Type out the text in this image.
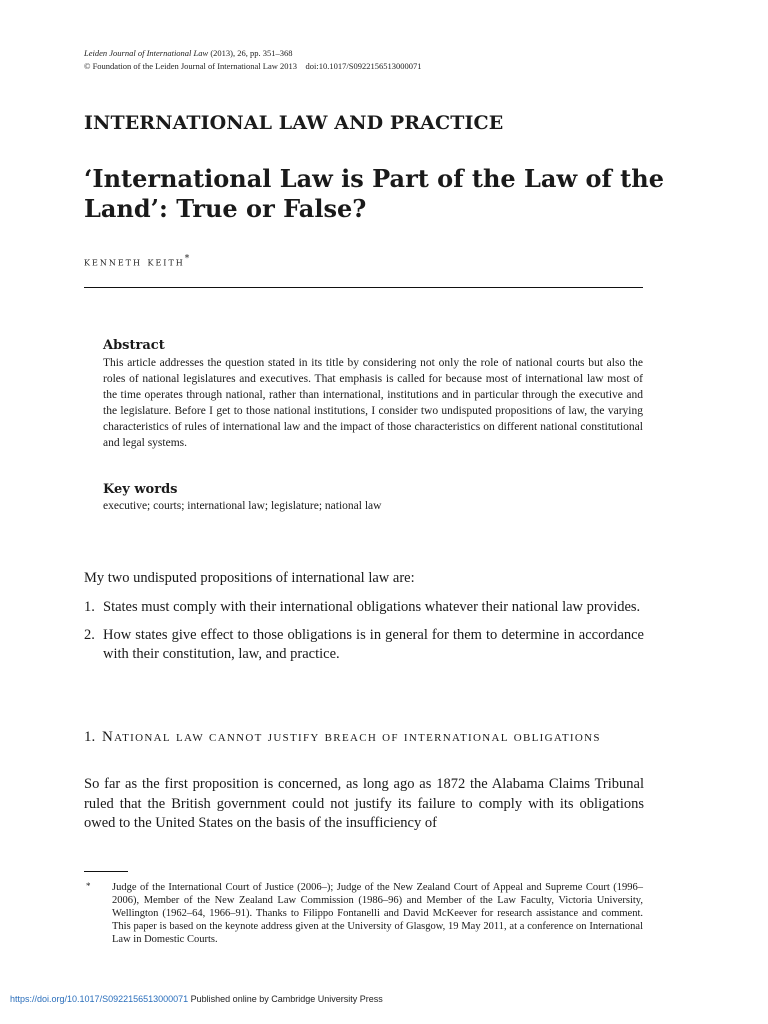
Leiden Journal of International Law (2013), 26, pp. 351–368
© Foundation of the Leiden Journal of International Law 2013 doi:10.1017/S0922156513000071
INTERNATIONAL LAW AND PRACTICE
‘International Law is Part of the Law of the Land’: True or False?
kenneth keith*
Abstract
This article addresses the question stated in its title by considering not only the role of national courts but also the roles of national legislatures and executives. That emphasis is called for because most of international law most of the time operates through national, rather than international, institutions and in particular through the executive and the legislature. Before I get to those national institutions, I consider two undisputed propositions of law, the varying characteristics of rules of international law and the impact of those characteristics on different national constitutional and legal systems.
Key words
executive; courts; international law; legislature; national law
My two undisputed propositions of international law are:
1. States must comply with their international obligations whatever their national law provides.
2. How states give effect to those obligations is in general for them to determine in accordance with their constitution, law, and practice.
1. National law cannot justify breach of international obligations
So far as the first proposition is concerned, as long ago as 1872 the Alabama Claims Tribunal ruled that the British government could not justify its failure to comply with its obligations owed to the United States on the basis of the insufficiency of
* Judge of the International Court of Justice (2006–); Judge of the New Zealand Court of Appeal and Supreme Court (1996–2006), Member of the New Zealand Law Commission (1986–96) and Member of the Law Faculty, Victoria University, Wellington (1962–64, 1966–91). Thanks to Filippo Fontanelli and David McKeever for research assistance and comment. This paper is based on the keynote address given at the University of Glasgow, 19 May 2011, at a conference on International Law in Domestic Courts.
https://doi.org/10.1017/S0922156513000071 Published online by Cambridge University Press
